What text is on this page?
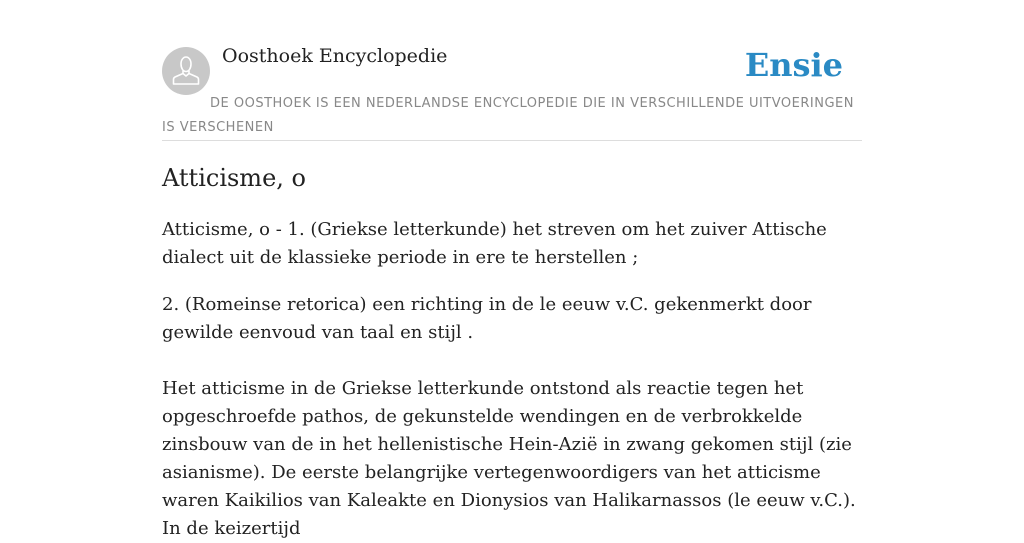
Oosthoek Encyclopedie	Ensie
DE OOSTHOEK IS EEN NEDERLANDSE ENCYCLOPEDIE DIE IN VERSCHILLENDE UITVOERINGEN IS VERSCHENEN
Atticisme, o

Atticisme, o - 1. (Griekse letterkunde) het streven om het zuiver Attische dialect uit de klassieke periode in ere te herstellen ;

2. (Romeinse retorica) een richting in de le eeuw v.C. gekenmerkt door gewilde eenvoud van taal en stijl .

Het atticisme in de Griekse letterkunde ontstond als reactie tegen het opgeschroefde pathos, de gekunstelde wendingen en de verbrokkelde zinsbouw van de in het hellenistische Hein-Azië in zwang gekomen stijl (zie asianisme). De eerste belangrijke vertegenwoordigers van het atticisme waren Kaikilios van Kaleakte en Dionysios van Halikarnassos (le eeuw v.C.). In de keizertijd
